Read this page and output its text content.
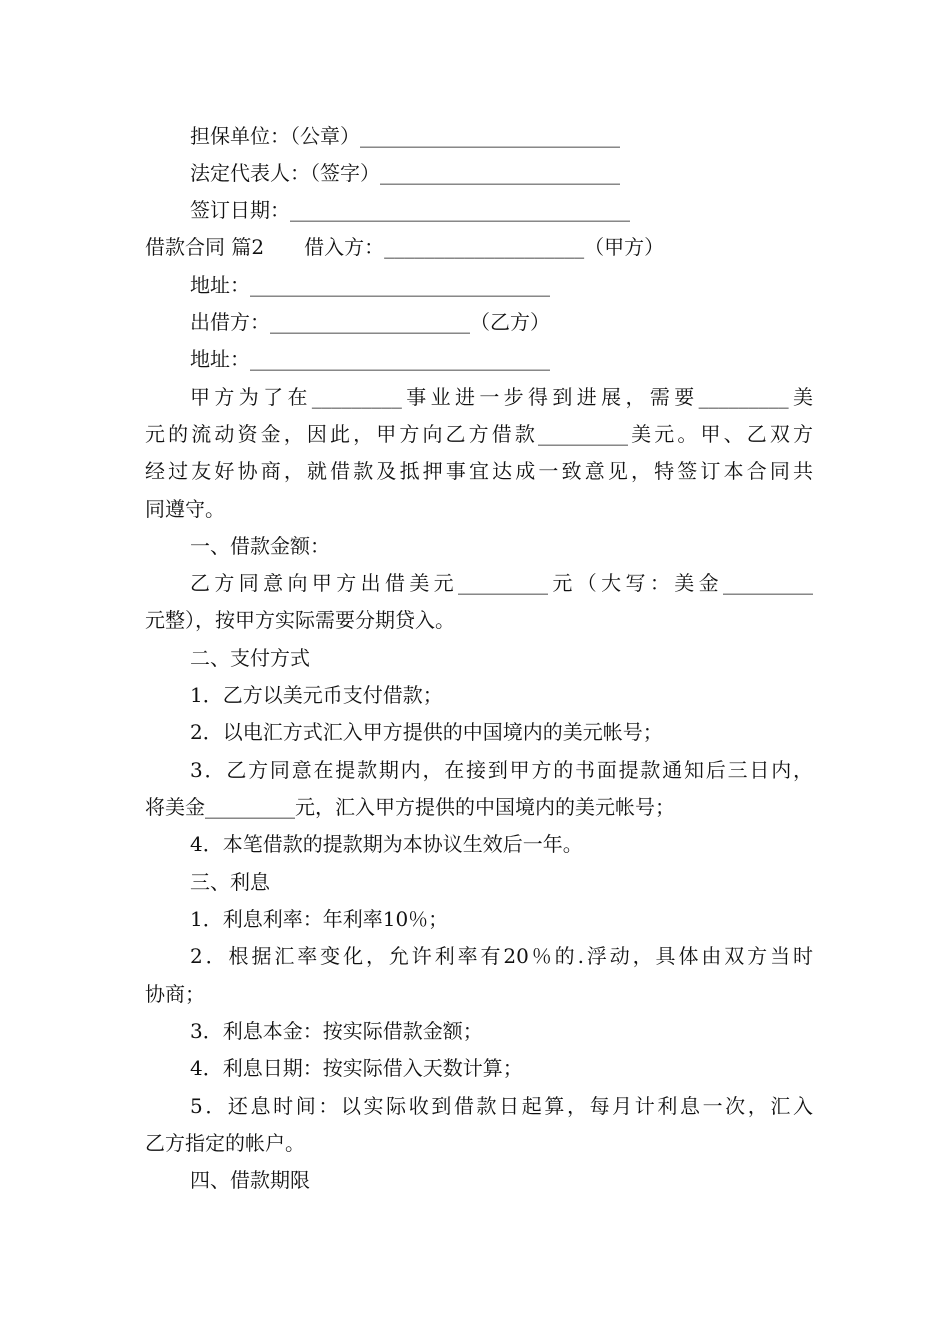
担保单位：（公章）__________________________
法定代表人：（签字）________________________
签订日期：__________________________________
借款合同 篇2　　借入方：____________________（甲方）
地址：______________________________
出借方：____________________（乙方）
地址：______________________________
甲方为了在_________事业进一步得到进展，需要_________美
元的流动资金，因此，甲方向乙方借款_________美元。甲、乙双方
经过友好协商，就借款及抵押事宜达成一致意见，特签订本合同共
同遵守。
一、借款金额：
乙方同意向甲方出借美元_________元（大写：美金_________
元整），按甲方实际需要分期贷入。
二、支付方式
1．乙方以美元币支付借款；
2．以电汇方式汇入甲方提供的中国境内的美元帐号；
3．乙方同意在提款期内，在接到甲方的书面提款通知后三日内，
将美金_________元，汇入甲方提供的中国境内的美元帐号；
4．本笔借款的提款期为本协议生效后一年。
三、利息
1．利息利率：年利率10％；
2．根据汇率变化，允许利率有20％的.浮动，具体由双方当时
协商；
3．利息本金：按实际借款金额；
4．利息日期：按实际借入天数计算；
5．还息时间：以实际收到借款日起算，每月计利息一次，汇入
乙方指定的帐户。
四、借款期限
